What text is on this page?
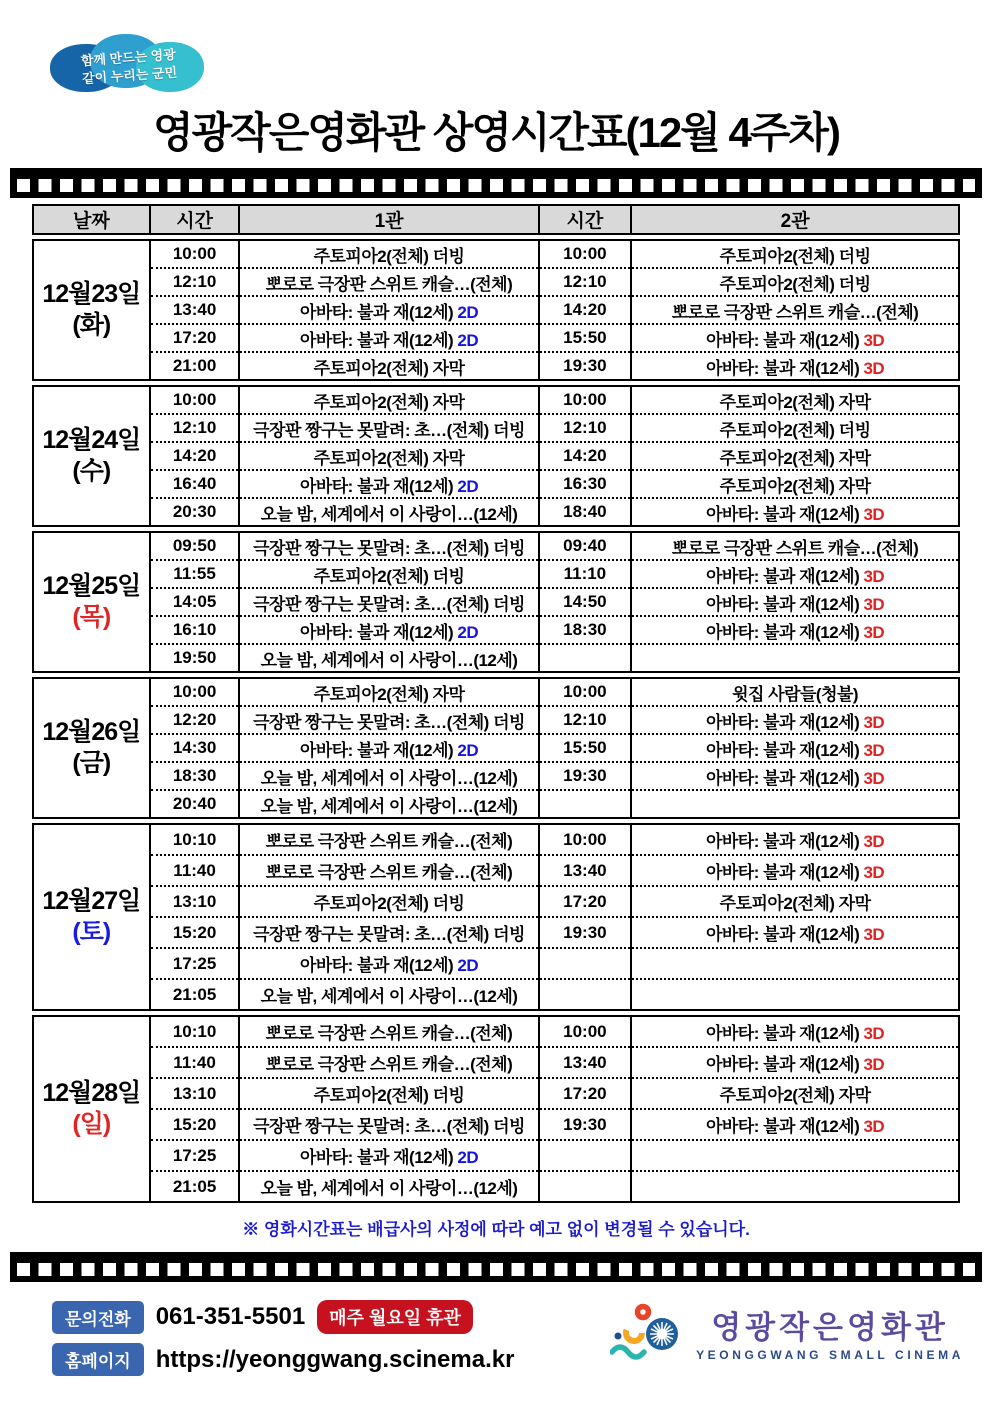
함께 만드는 영광
같이 누리는 군민
영광작은영화관 상영시간표(12월 4주차)
날짜	시간	1관	시간	2관
12월23일
(화)	10:00	주토피아2(전체) 더빙	10:00	주토피아2(전체) 더빙
	12:10	뽀로로 극장판 스위트 캐슬…(전체)	12:10	주토피아2(전체) 더빙
	13:40	아바타: 불과 재(12세) 2D	14:20	뽀로로 극장판 스위트 캐슬…(전체)
	17:20	아바타: 불과 재(12세) 2D	15:50	아바타: 불과 재(12세) 3D
	21:00	주토피아2(전체) 자막	19:30	아바타: 불과 재(12세) 3D
12월24일
(수)	10:00	주토피아2(전체) 자막	10:00	주토피아2(전체) 자막
	12:10	극장판 짱구는 못말려: 초…(전체) 더빙	12:10	주토피아2(전체) 더빙
	14:20	주토피아2(전체) 자막	14:20	주토피아2(전체) 자막
	16:40	아바타: 불과 재(12세) 2D	16:30	주토피아2(전체) 자막
	20:30	오늘 밤, 세계에서 이 사랑이…(12세)	18:40	아바타: 불과 재(12세) 3D
12월25일
(목)	09:50	극장판 짱구는 못말려: 초…(전체) 더빙	09:40	뽀로로 극장판 스위트 캐슬…(전체)
	11:55	주토피아2(전체) 더빙	11:10	아바타: 불과 재(12세) 3D
	14:05	극장판 짱구는 못말려: 초…(전체) 더빙	14:50	아바타: 불과 재(12세) 3D
	16:10	아바타: 불과 재(12세) 2D	18:30	아바타: 불과 재(12세) 3D
	19:50	오늘 밤, 세계에서 이 사랑이…(12세)		
12월26일
(금)	10:00	주토피아2(전체) 자막	10:00	윗집 사람들(청불)
	12:20	극장판 짱구는 못말려: 초…(전체) 더빙	12:10	아바타: 불과 재(12세) 3D
	14:30	아바타: 불과 재(12세) 2D	15:50	아바타: 불과 재(12세) 3D
	18:30	오늘 밤, 세계에서 이 사랑이…(12세)	19:30	아바타: 불과 재(12세) 3D
	20:40	오늘 밤, 세계에서 이 사랑이…(12세)		
12월27일
(토)	10:10	뽀로로 극장판 스위트 캐슬…(전체)	10:00	아바타: 불과 재(12세) 3D
	11:40	뽀로로 극장판 스위트 캐슬…(전체)	13:40	아바타: 불과 재(12세) 3D
	13:10	주토피아2(전체) 더빙	17:20	주토피아2(전체) 자막
	15:20	극장판 짱구는 못말려: 초…(전체) 더빙	19:30	아바타: 불과 재(12세) 3D
	17:25	아바타: 불과 재(12세) 2D		
	21:05	오늘 밤, 세계에서 이 사랑이…(12세)		
12월28일
(일)	10:10	뽀로로 극장판 스위트 캐슬…(전체)	10:00	아바타: 불과 재(12세) 3D
	11:40	뽀로로 극장판 스위트 캐슬…(전체)	13:40	아바타: 불과 재(12세) 3D
	13:10	주토피아2(전체) 더빙	17:20	주토피아2(전체) 자막
	15:20	극장판 짱구는 못말려: 초…(전체) 더빙	19:30	아바타: 불과 재(12세) 3D
	17:25	아바타: 불과 재(12세) 2D		
	21:05	오늘 밤, 세계에서 이 사랑이…(12세)		
※ 영화시간표는 배급사의 사정에 따라 예고 없이 변경될 수 있습니다.
문의전화	061-351-5501	매주 월요일 휴관
홈페이지	https://yeonggwang.scinema.kr
영광작은영화관
YEONGGWANG SMALL CINEMA
